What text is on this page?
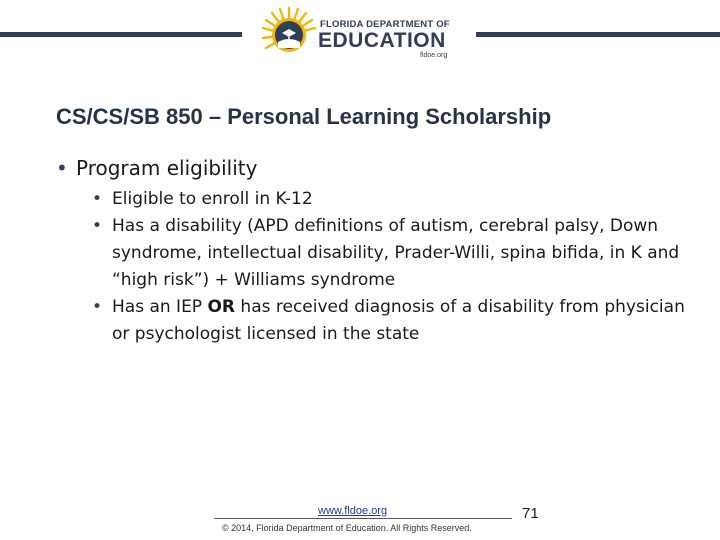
FLORIDA DEPARTMENT OF
EDUCATION
fldoe.org
CS/CS/SB 850 – Personal Learning Scholarship
• Program eligibility
• Eligible to enroll in K-12
• Has a disability (APD definitions of autism, cerebral palsy, Down syndrome, intellectual disability, Prader-Willi, spina bifida, in K and “high risk”) + Williams syndrome
• Has an IEP OR has received diagnosis of a disability from physician or psychologist licensed in the state
www.fldoe.org
© 2014, Florida Department of Education. All Rights Reserved.
71
